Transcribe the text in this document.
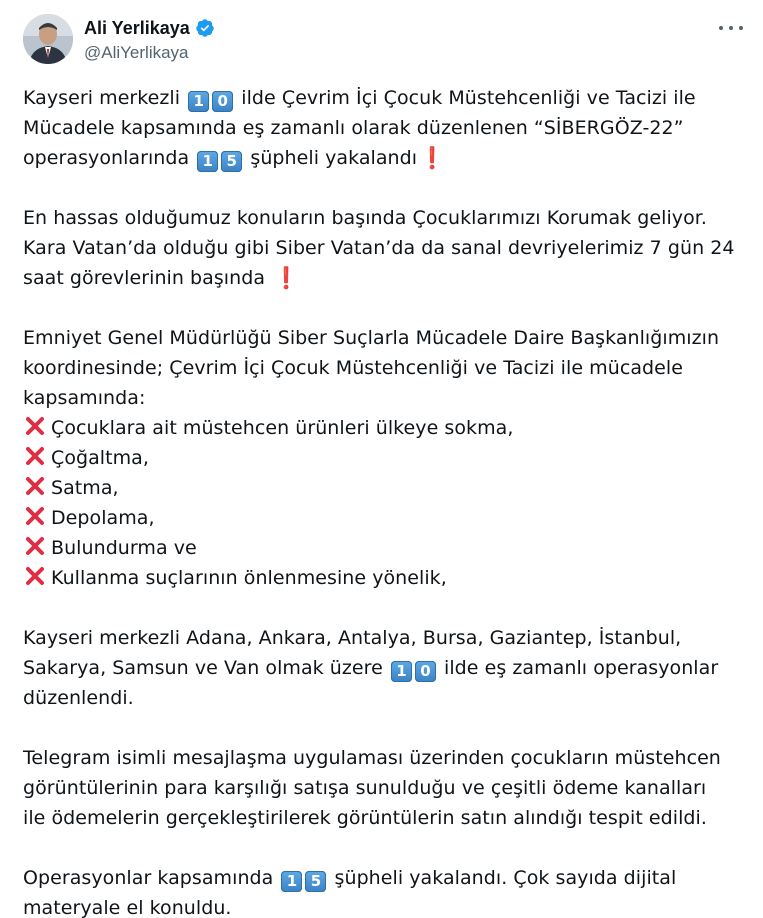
Ali Yerlikaya
@AliYerlikaya
Kayseri merkezli 1 0 ilde Çevrim İçi Çocuk Müstehcenliği ve Tacizi ile
Mücadele kapsamında eş zamanlı olarak düzenlenen “SİBERGÖZ-22”
operasyonlarında 1 5 şüpheli yakalandı❗
En hassas olduğumuz konuların başında Çocuklarımızı Korumak geliyor.
Kara Vatan’da olduğu gibi Siber Vatan’da da sanal devriyelerimiz 7 gün 24
saat görevlerinin başında ❗
Emniyet Genel Müdürlüğü Siber Suçlarla Mücadele Daire Başkanlığımızın
koordinesinde; Çevrim İçi Çocuk Müstehcenliği ve Tacizi ile mücadele
kapsamında:
Çocuklara ait müstehcen ürünleri ülkeye sokma,
Çoğaltma,
Satma,
Depolama,
Bulundurma ve
Kullanma suçlarının önlenmesine yönelik,
Kayseri merkezli Adana, Ankara, Antalya, Bursa, Gaziantep, İstanbul,
Sakarya, Samsun ve Van olmak üzere 1 0 ilde eş zamanlı operasyonlar
düzenlendi.
Telegram isimli mesajlaşma uygulaması üzerinden çocukların müstehcen
görüntülerinin para karşılığı satışa sunulduğu ve çeşitli ödeme kanalları
ile ödemelerin gerçekleştirilerek görüntülerin satın alındığı tespit edildi.
Operasyonlar kapsamında 1 5 şüpheli yakalandı. Çok sayıda dijital
materyale el konuldu.
